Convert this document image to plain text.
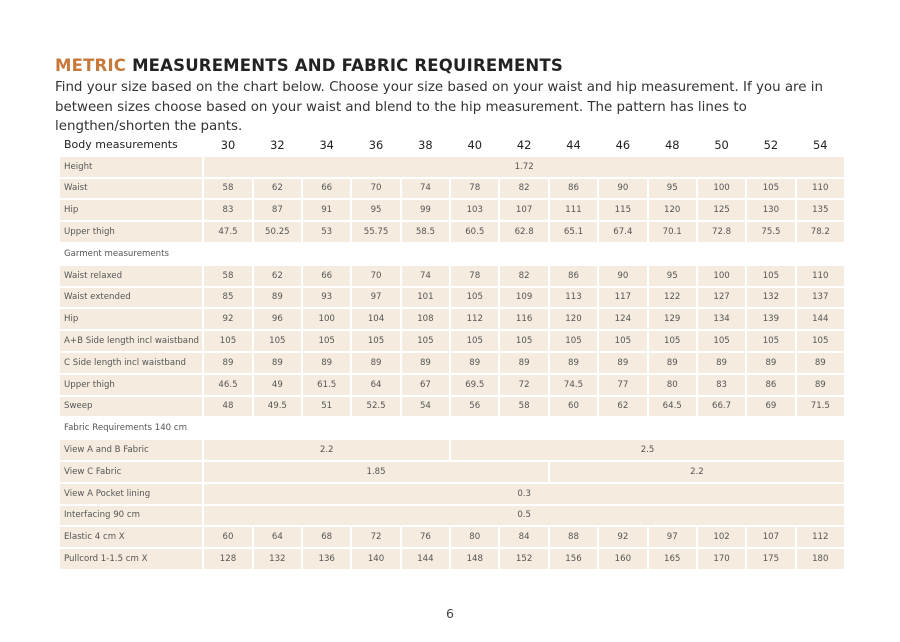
METRIC MEASUREMENTS AND FABRIC REQUIREMENTS

Find your size based on the chart below. Choose your size based on your waist and hip measurement. If you are in between sizes choose based on your waist and blend to the hip measurement. The pattern has lines to lengthen/shorten the pants.

Body measurements	30	32	34	36	38	40	42	44	46	48	50	52	54
Height	1.72												
Waist	58	62	66	70	74	78	82	86	90	95	100	105	110
Hip	83	87	91	95	99	103	107	111	115	120	125	130	135
Upper thigh	47.5	50.25	53	55.75	58.5	60.5	62.8	65.1	67.4	70.1	72.8	75.5	78.2
Garment measurements													
Waist relaxed	58	62	66	70	74	78	82	86	90	95	100	105	110
Waist extended	85	89	93	97	101	105	109	113	117	122	127	132	137
Hip	92	96	100	104	108	112	116	120	124	129	134	139	144
A+B Side length incl waistband	105	105	105	105	105	105	105	105	105	105	105	105	105
C Side length incl waistband	89	89	89	89	89	89	89	89	89	89	89	89	89
Upper thigh	46.5	49	61.5	64	67	69.5	72	74.5	77	80	83	86	89
Sweep	48	49.5	51	52.5	54	56	58	60	62	64.5	66.7	69	71.5
Fabric Requirements 140 cm													
View A and B Fabric	2.2					2.5							
View C Fabric	1.85							2.2					
View A Pocket lining	0.3												
Interfacing 90 cm	0.5												
Elastic 4 cm X	60	64	68	72	76	80	84	88	92	97	102	107	112
Pullcord 1-1.5 cm X	128	132	136	140	144	148	152	156	160	165	170	175	180
6
